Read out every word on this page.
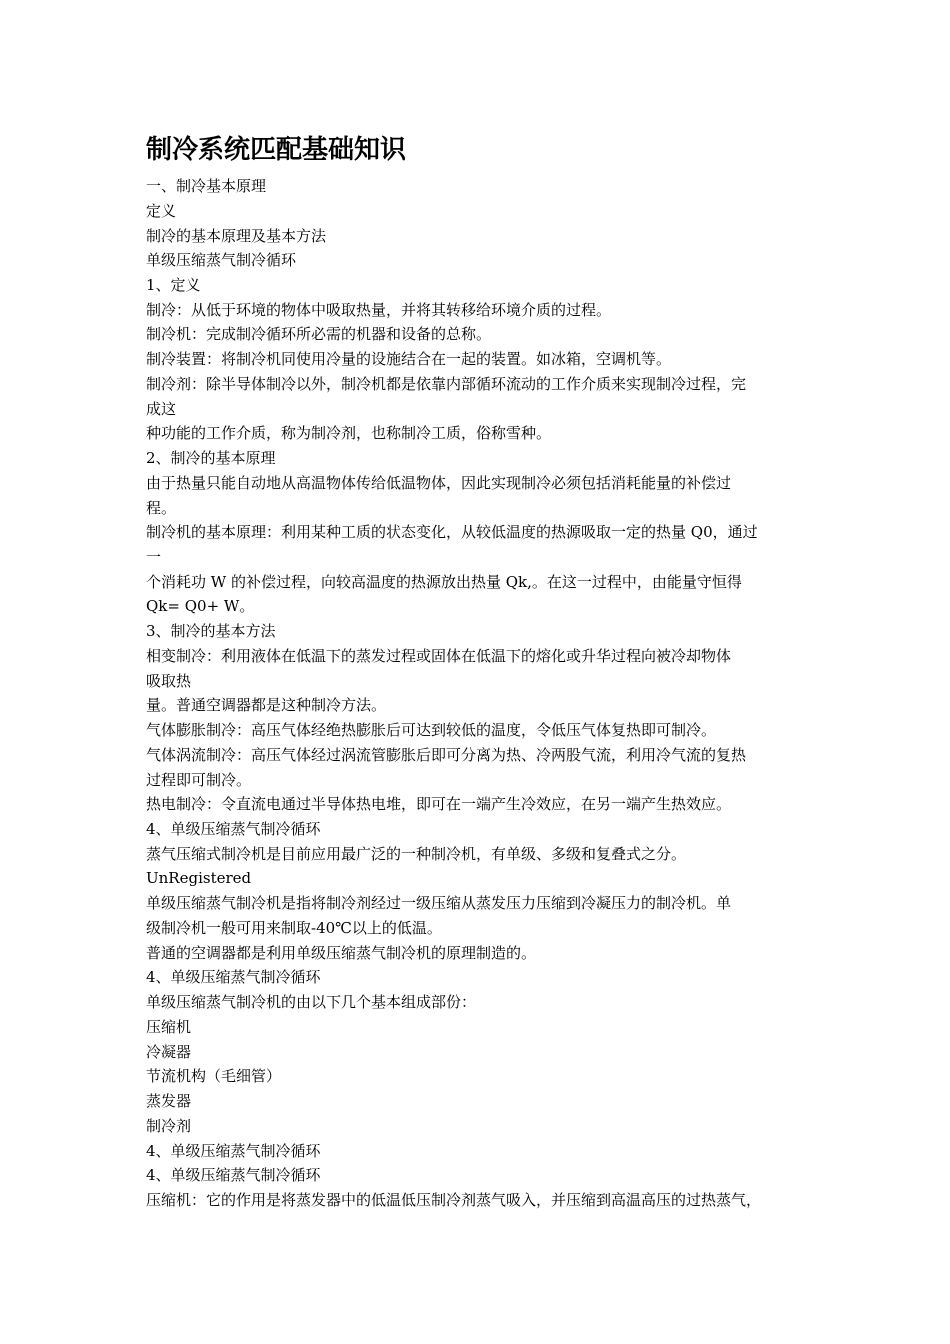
制冷系统匹配基础知识

一、制冷基本原理

定义

制冷的基本原理及基本方法

单级压缩蒸气制冷循环

1、定义

制冷：从低于环境的物体中吸取热量，并将其转移给环境介质的过程。

制冷机：完成制冷循环所必需的机器和设备的总称。

制冷装置：将制冷机同使用冷量的设施结合在一起的装置。如冰箱，空调机等。

制冷剂：除半导体制冷以外，制冷机都是依靠内部循环流动的工作介质来实现制冷过程，完

成这

种功能的工作介质，称为制冷剂，也称制冷工质，俗称雪种。

2、制冷的基本原理

由于热量只能自动地从高温物体传给低温物体，因此实现制冷必须包括消耗能量的补偿过

程。

制冷机的基本原理：利用某种工质的状态变化，从较低温度的热源吸取一定的热量 Q0，通过

一

个消耗功 W 的补偿过程，向较高温度的热源放出热量 Qk,。在这一过程中，由能量守恒得

Qk= Q0+ W。

3、制冷的基本方法

相变制冷：利用液体在低温下的蒸发过程或固体在低温下的熔化或升华过程向被冷却物体

吸取热

量。普通空调器都是这种制冷方法。

气体膨胀制冷：高压气体经绝热膨胀后可达到较低的温度，令低压气体复热即可制冷。

气体涡流制冷：高压气体经过涡流管膨胀后即可分离为热、冷两股气流，利用冷气流的复热

过程即可制冷。

热电制冷：令直流电通过半导体热电堆，即可在一端产生冷效应，在另一端产生热效应。

4、单级压缩蒸气制冷循环

蒸气压缩式制冷机是目前应用最广泛的一种制冷机，有单级、多级和复叠式之分。

UnRegistered

单级压缩蒸气制冷机是指将制冷剂经过一级压缩从蒸发压力压缩到冷凝压力的制冷机。单

级制冷机一般可用来制取-40℃以上的低温。

普通的空调器都是利用单级压缩蒸气制冷机的原理制造的。

4、单级压缩蒸气制冷循环

单级压缩蒸气制冷机的由以下几个基本组成部份：

压缩机

冷凝器

节流机构（毛细管）

蒸发器

制冷剂

4、单级压缩蒸气制冷循环

4、单级压缩蒸气制冷循环

压缩机：它的作用是将蒸发器中的低温低压制冷剂蒸气吸入，并压缩到高温高压的过热蒸气，
